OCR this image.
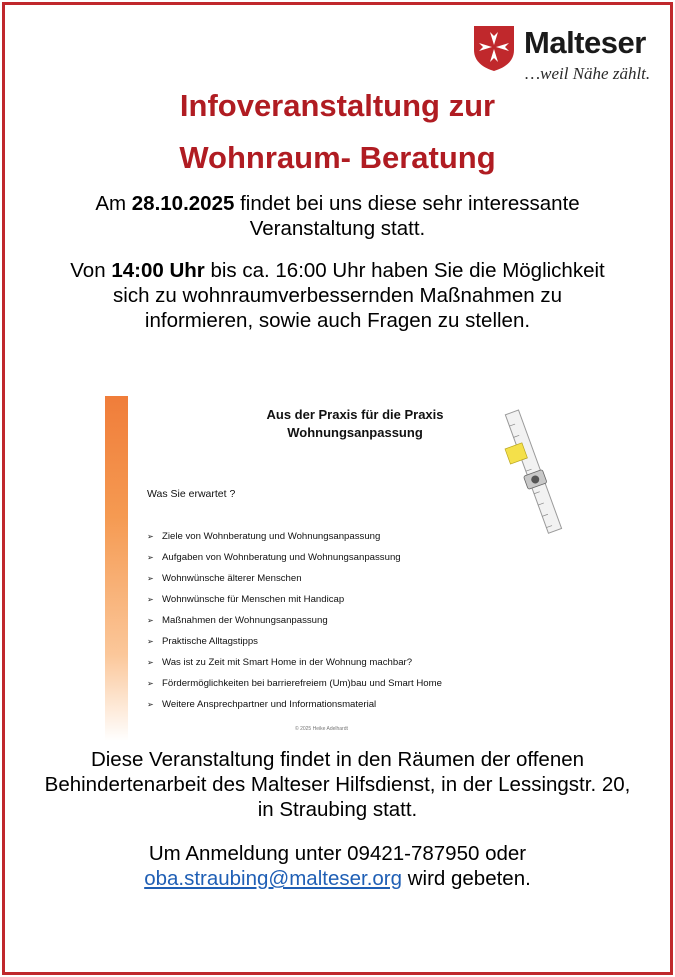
Malteser
…weil Nähe zählt.
Infoveranstaltung zur
Wohnraum- Beratung
Am 28.10.2025 findet bei uns diese sehr interessante Veranstaltung statt.
Von 14:00 Uhr bis ca. 16:00 Uhr haben Sie die Möglichkeit sich zu wohnraumverbessernden Maßnahmen zu informieren, sowie auch Fragen zu stellen.
Aus der Praxis für die Praxis
Wohnungsanpassung
Was Sie erwartet ?
➢ Ziele von Wohnberatung und Wohnungsanpassung
➢ Aufgaben von Wohnberatung und Wohnungsanpassung
➢ Wohnwünsche älterer Menschen
➢ Wohnwünsche für Menschen mit Handicap
➢ Maßnahmen der Wohnungsanpassung
➢ Praktische Alltagstipps
➢ Was ist zu Zeit mit Smart Home in der Wohnung machbar?
➢ Fördermöglichkeiten bei barrierefreiem (Um)bau und Smart Home
➢ Weitere Ansprechpartner und Informationsmaterial
© 2025 Heike Adelhardt
Diese Veranstaltung findet in den Räumen der offenen Behindertenarbeit des Malteser Hilfsdienst, in der Lessingstr. 20, in Straubing statt.
Um Anmeldung unter 09421-787950 oder
oba.straubing@malteser.org wird gebeten.
